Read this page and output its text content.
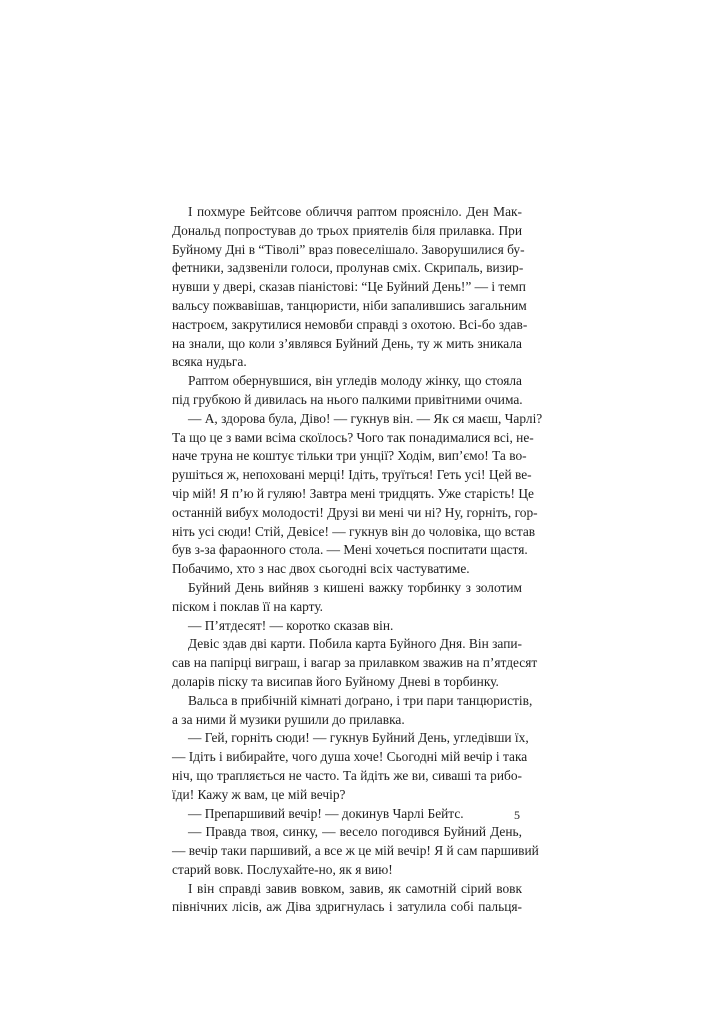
І похмуре Бейтсове обличчя раптом прояснілo. Ден Мак-
Дональд попростував до трьох приятелів біля прилавка. При
Буйному Дні в “Тіволі” враз повеселішало. Заворушилися бу-
фетники, задзвеніли голоси, пролунав сміх. Скрипаль, визир-
нувши у двері, сказав піаністові: “Це Буйний День!” — і темп
вальсу пожвавішав, танцюристи, ніби запалившись загальним
настроєм, закрутилися немовби справді з охотою. Всі-бо здав-
на знали, що коли з’являвся Буйний День, ту ж мить зникала
всяка нудьга.
Раптом обернувшися, він угледів молоду жінку, що стояла
під грубкою й дивилась на нього палкими привітними очима.
— А, здорова була, Діво! — гукнув він. — Як ся маєш, Чарлі?
Та що це з вами всіма скоїлось? Чого так понадималися всі, не-
наче труна не коштує тільки три унції? Ходім, вип’ємо! Та во-
рушіться ж, непоховані мерці! Ідіть, труїться! Геть усі! Цей ве-
чір мій! Я п’ю й гуляю! Завтра мені тридцять. Уже старість! Це
останній вибух молодості! Друзі ви мені чи ні? Ну, горніть, гор-
ніть усі сюди! Стій, Девісе! — гукнув він до чоловіка, що встав
був з-за фараонного стола. — Мені хочеться поспитати щастя.
Побачимо, хто з нас двох сьогодні всіх частуватиме.
Буйний День вийняв з кишені важку торбинку з золотим
піском і поклав її на карту.
— П’ятдесят! — коротко сказав він.
Девіс здав дві карти. Побила карта Буйного Дня. Він запи-
сав на папірці виграш, і вагар за прилавком зважив на п’ятдесят
доларів піску та висипав його Буйному Дневі в торбинку.
Вальса в прибічній кімнаті доґрано, і три пари танцюристів,
а за ними й музики рушили до прилавка.
— Гей, горніть сюди! — гукнув Буйний День, угледівши їх,
— Ідіть і вибирайте, чого душа хоче! Сьогодні мій вечір і така
ніч, що трапляється не часто. Та йдіть же ви, сиваші та рибо-
їди! Кажу ж вам, це мій вечір?
— Препаршивий вечір! — докинув Чарлі Бейтс.
— Правда твоя, синку, — весело погодився Буйний День,
— вечір таки паршивий, а все ж це мій вечір! Я й сам паршивий
старий вовк. Послухайте-но, як я вию!
І він справді завив вовком, завив, як самотній сірий вовк
північних лісів, аж Діва здригнулась і затулила собі пальця-
5
